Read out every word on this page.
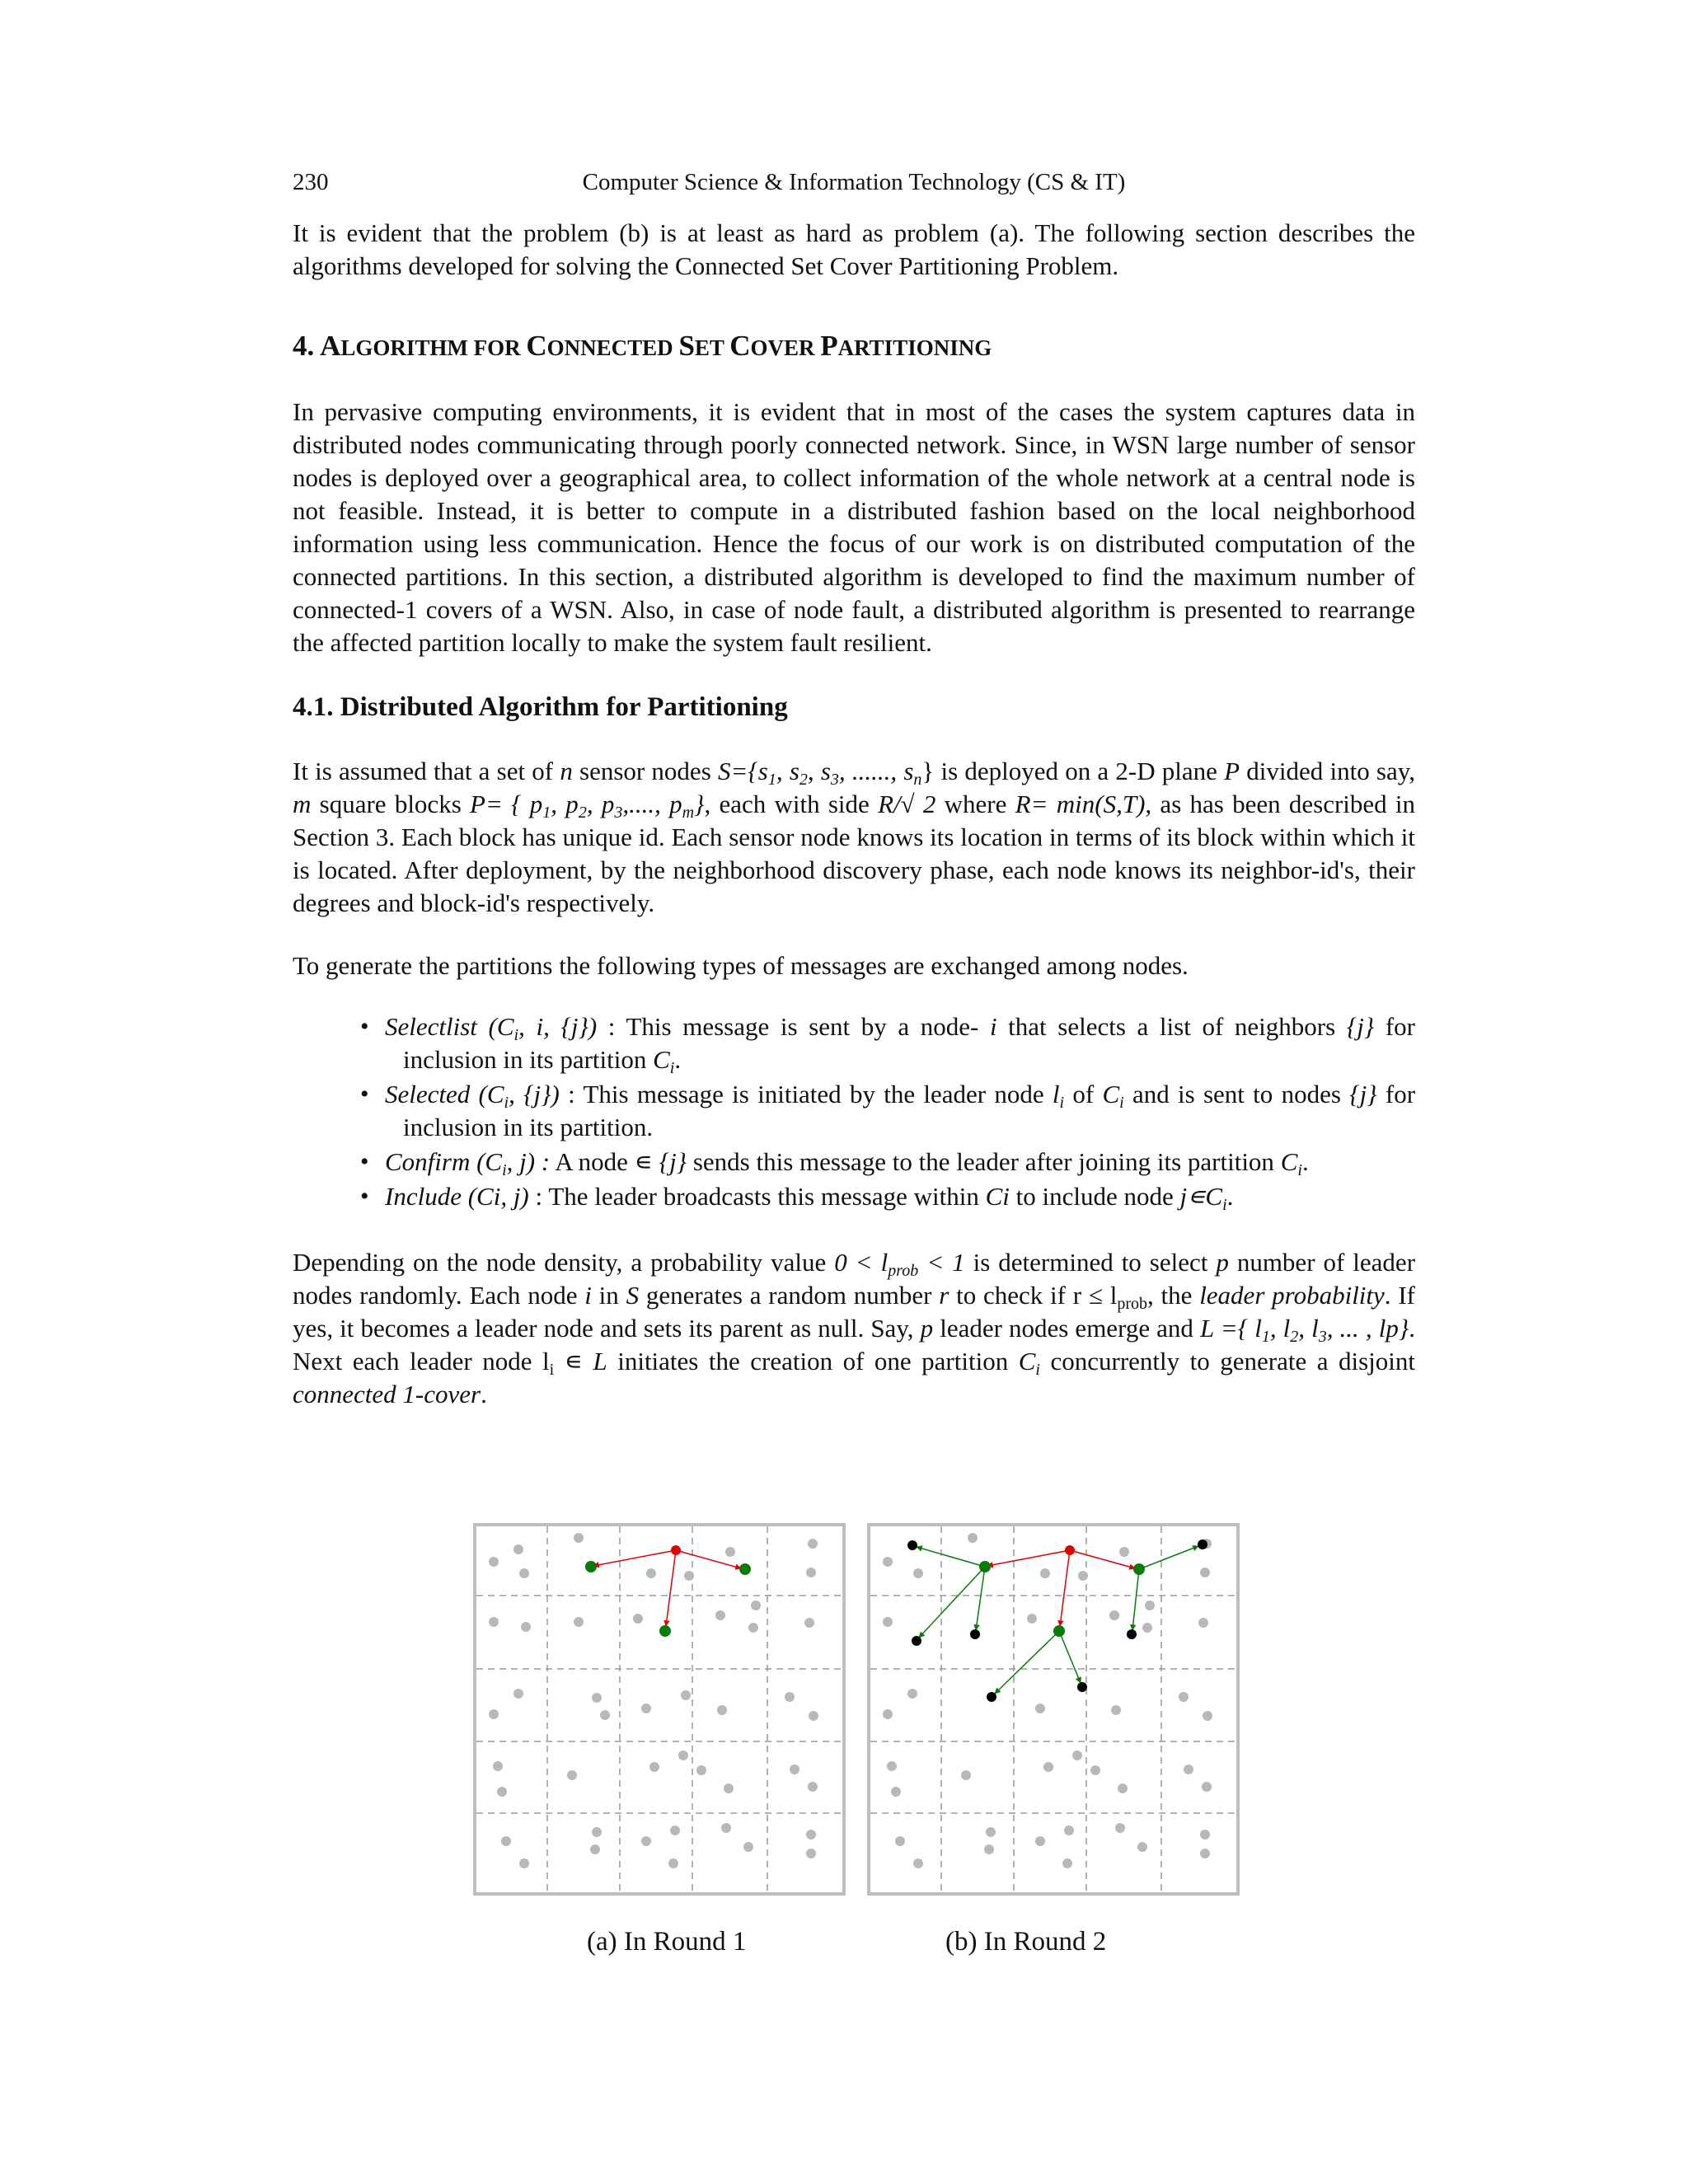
230	Computer Science & Information Technology (CS & IT)

It is evident that the problem (b) is at least as hard as problem (a). The following section describes the algorithms developed for solving the Connected Set Cover Partitioning Problem.

4. ALGORITHM FOR CONNECTED SET COVER PARTITIONING

In pervasive computing environments, it is evident that in most of the cases the system captures data in distributed nodes communicating through poorly connected network. Since, in WSN large number of sensor nodes is deployed over a geographical area, to collect information of the whole network at a central node is not feasible. Instead, it is better to compute in a distributed fashion based on the local neighborhood information using less communication. Hence the focus of our work is on distributed computation of the connected partitions. In this section, a distributed algorithm is developed to find the maximum number of connected-1 covers of a WSN. Also, in case of node fault, a distributed algorithm is presented to rearrange the affected partition locally to make the system fault resilient.

4.1. Distributed Algorithm for Partitioning

It is assumed that a set of n sensor nodes $S=\{s_1$, $s_2$, $s_3$, ......, $s_n$} is deployed on a 2-D plane P divided into say, m square blocks P= { $p_1$, $p_2$, $p_3$,...., $p_m$}, each with side R/√ 2 where R= min(S,T), as has been described in Section 3. Each block has unique id. Each sensor node knows its location in terms of its block within which it is located. After deployment, by the neighborhood discovery phase, each node knows its neighbor-id's, their degrees and block-id's respectively.

To generate the partitions the following types of messages are exchanged among nodes.

• Selectlist ($C_i$, i, {j}) : This message is sent by a node- i that selects a list of neighbors {j} for inclusion in its partition $C_i$.
• Selected ($C_i$, {j}) : This message is initiated by the leader node $l_i$ of $C_i$ and is sent to nodes {j} for inclusion in its partition.
• Confirm ($C_i$, j) : A node ∊ {j} sends this message to the leader after joining its partition $C_i$.
• Include (Ci, j) : The leader broadcasts this message within Ci to include node $j∊C_i$.

Depending on the node density, a probability value $0 < l_{prob} < 1$ is determined to select p number of leader nodes randomly. Each node i in S generates a random number r to check if $r \le l_{prob}$, the leader probability. If yes, it becomes a leader node and sets its parent as null. Say, p leader nodes emerge and L ={ $l_1$, $l_2$, $l_3$, ... , lp}. Next each leader node $l_i$ ∊ L initiates the creation of one partition $C_i$ concurrently to generate a disjoint connected 1-cover.

(a) In Round 1	(b) In Round 2
